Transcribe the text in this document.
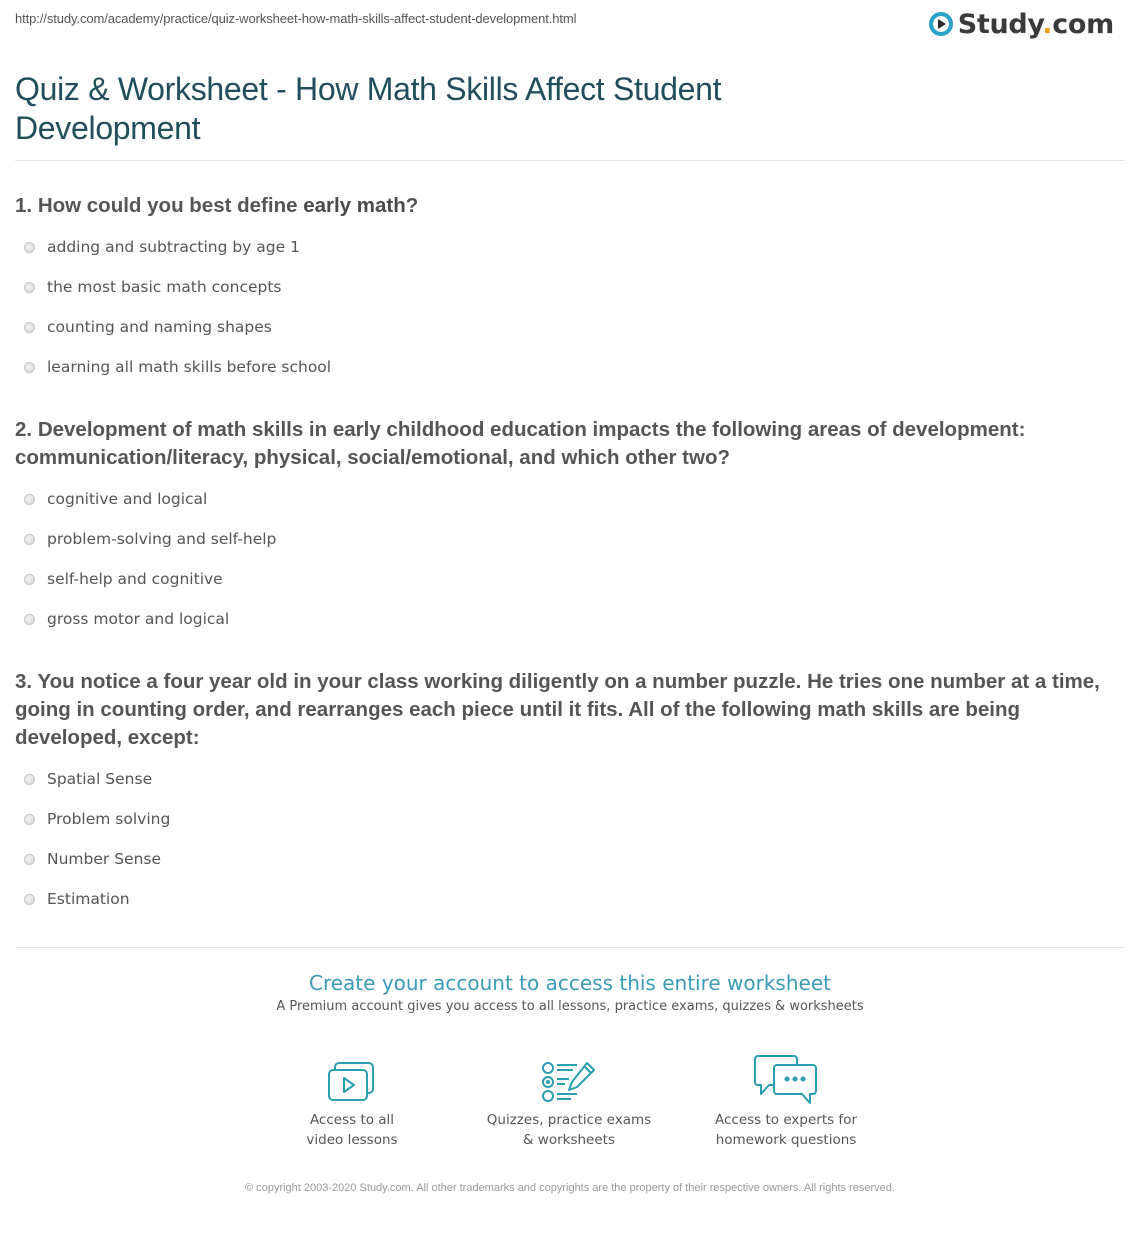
http://study.com/academy/practice/quiz-worksheet-how-math-skills-affect-student-development.html	Study.com
Quiz & Worksheet - How Math Skills Affect Student Development

1. How could you best define early math?

adding and subtracting by age 1
the most basic math concepts
counting and naming shapes
learning all math skills before school

2. Development of math skills in early childhood education impacts the following areas of development: communication/literacy, physical, social/emotional, and which other two?

cognitive and logical
problem-solving and self-help
self-help and cognitive
gross motor and logical

3. You notice a four year old in your class working diligently on a number puzzle. He tries one number at a time, going in counting order, and rearranges each piece until it fits. All of the following math skills are being developed, except:

Spatial Sense
Problem solving
Number Sense
Estimation
Create your account to access this entire worksheet
A Premium account gives you access to all lessons, practice exams, quizzes & worksheets
Access to all
video lessons
Quizzes, practice exams
& worksheets
Access to experts for
homework questions
© copyright 2003-2020 Study.com. All other trademarks and copyrights are the property of their respective owners. All rights reserved.
